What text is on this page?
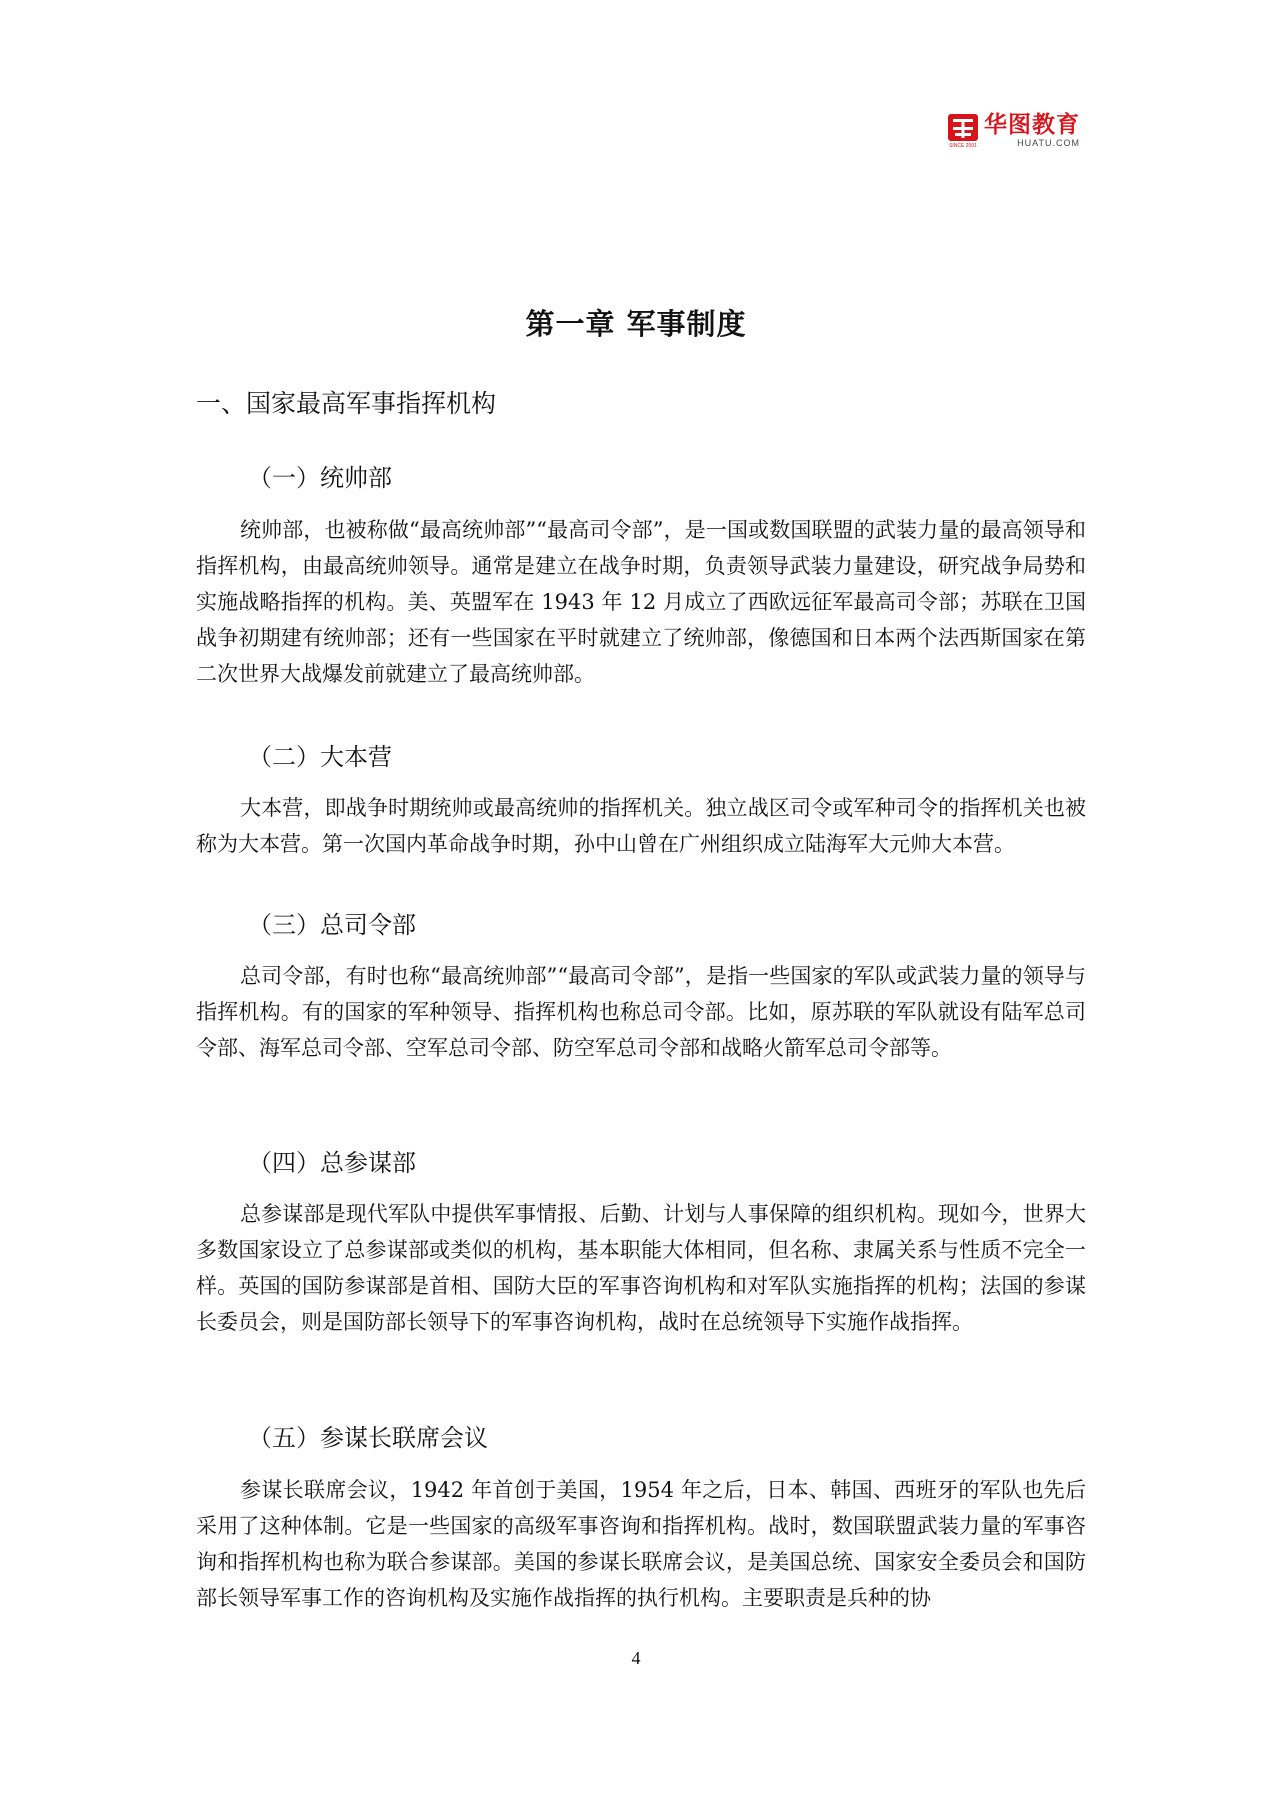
SINCE 2001
华图教育
HUATU.COM
第一章 军事制度
一、国家最高军事指挥机构
（一）统帅部
统帅部，也被称做“最高统帅部”“最高司令部”，是一国或数国联盟的武装力量的最高领导和指挥机构，由最高统帅领导。通常是建立在战争时期，负责领导武装力量建设，研究战争局势和实施战略指挥的机构。美、英盟军在 1943 年 12 月成立了西欧远征军最高司令部；苏联在卫国战争初期建有统帅部；还有一些国家在平时就建立了统帅部，像德国和日本两个法西斯国家在第二次世界大战爆发前就建立了最高统帅部。
（二）大本营
大本营，即战争时期统帅或最高统帅的指挥机关。独立战区司令或军种司令的指挥机关也被称为大本营。第一次国内革命战争时期，孙中山曾在广州组织成立陆海军大元帅大本营。
（三）总司令部
总司令部，有时也称“最高统帅部”“最高司令部”，是指一些国家的军队或武装力量的领导与指挥机构。有的国家的军种领导、指挥机构也称总司令部。比如，原苏联的军队就设有陆军总司令部、海军总司令部、空军总司令部、防空军总司令部和战略火箭军总司令部等。
（四）总参谋部
总参谋部是现代军队中提供军事情报、后勤、计划与人事保障的组织机构。现如今，世界大多数国家设立了总参谋部或类似的机构，基本职能大体相同，但名称、隶属关系与性质不完全一样。英国的国防参谋部是首相、国防大臣的军事咨询机构和对军队实施指挥的机构；法国的参谋长委员会，则是国防部长领导下的军事咨询机构，战时在总统领导下实施作战指挥。
（五）参谋长联席会议
参谋长联席会议，1942 年首创于美国，1954 年之后，日本、韩国、西班牙的军队也先后采用了这种体制。它是一些国家的高级军事咨询和指挥机构。战时，数国联盟武装力量的军事咨询和指挥机构也称为联合参谋部。美国的参谋长联席会议，是美国总统、国家安全委员会和国防部长领导军事工作的咨询机构及实施作战指挥的执行机构。主要职责是兵种的协
4
